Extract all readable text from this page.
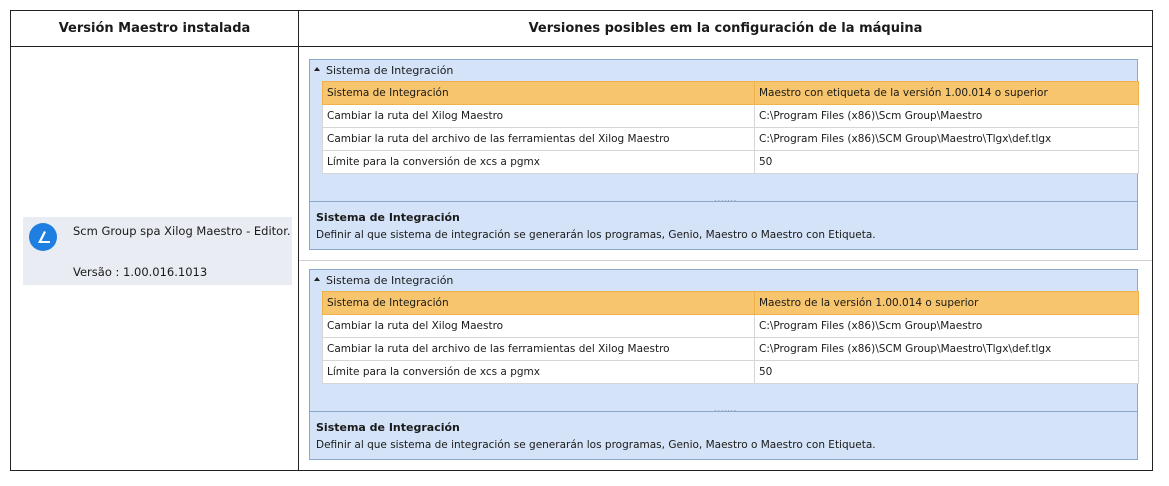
Versión Maestro instalada	Versiones posibles em la configuración de la máquina
Scm Group spa Xilog Maestro - Editor.
Versão : 1.00.016.1013
Sistema de Integración
Sistema de Integración	Maestro con etiqueta de la versión 1.00.014 o superior
Cambiar la ruta del Xilog Maestro	C:\Program Files (x86)\Scm Group\Maestro
Cambiar la ruta del archivo de las ferramientas del Xilog Maestro	C:\Program Files (x86)\SCM Group\Maestro\Tlgx\def.tlgx
Límite para la conversión de xcs a pgmx	50
·······
Sistema de Integración
Definir al que sistema de integración se generarán los programas, Genio, Maestro o Maestro con Etiqueta.
Sistema de Integración
Sistema de Integración	Maestro de la versión 1.00.014 o superior
Cambiar la ruta del Xilog Maestro	C:\Program Files (x86)\Scm Group\Maestro
Cambiar la ruta del archivo de las ferramientas del Xilog Maestro	C:\Program Files (x86)\SCM Group\Maestro\Tlgx\def.tlgx
Límite para la conversión de xcs a pgmx	50
·······
Sistema de Integración
Definir al que sistema de integración se generarán los programas, Genio, Maestro o Maestro con Etiqueta.
